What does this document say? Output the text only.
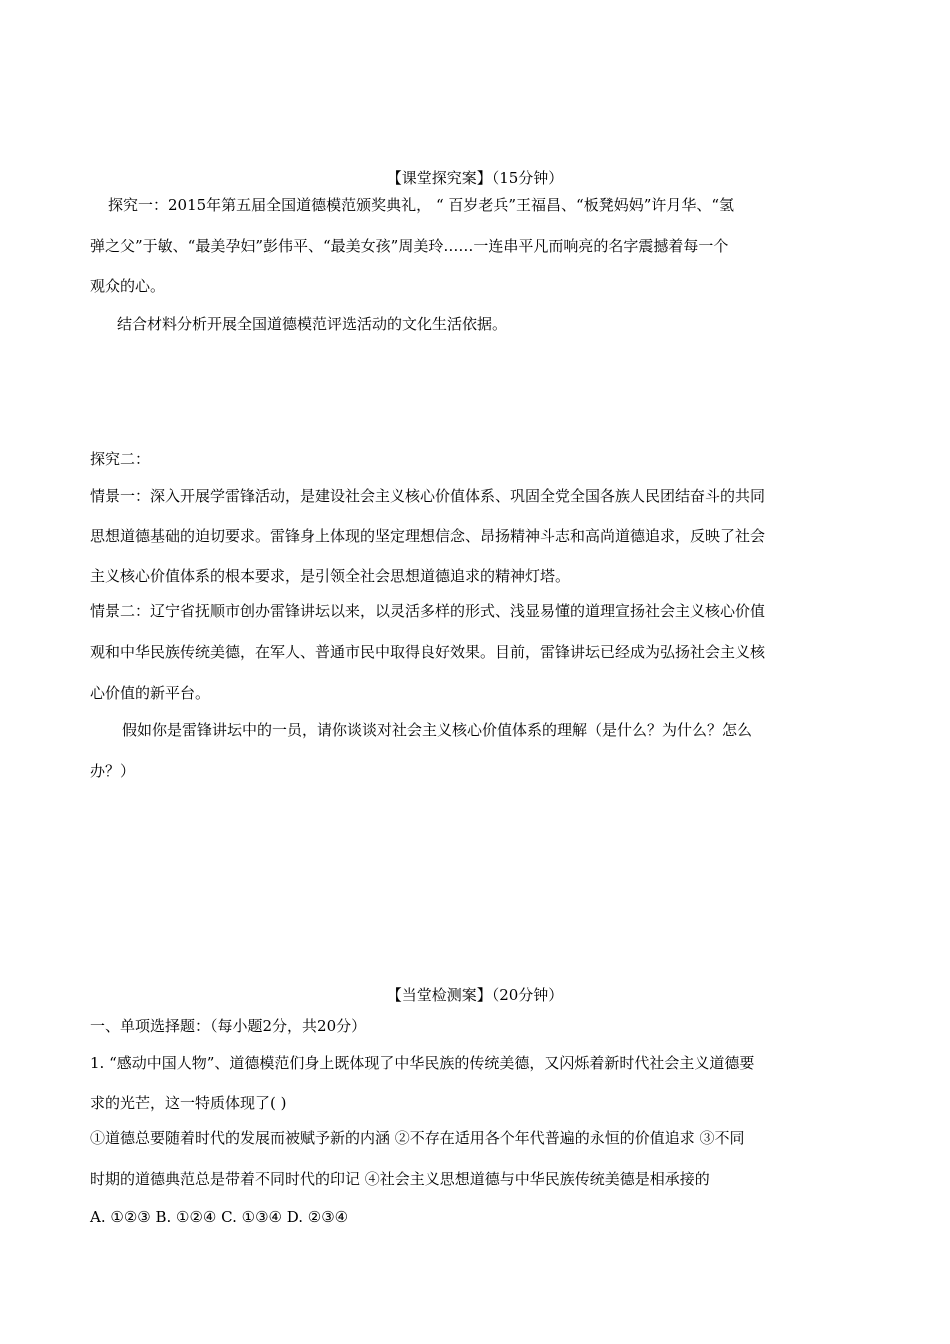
【课堂探究案】（15分钟）
探究一：2015年第五届全国道德模范颁奖典礼， “ 百岁老兵”王福昌、“板凳妈妈”许月华、“氢
弹之父”于敏、“最美孕妇”彭伟平、“最美女孩”周美玲……一连串平凡而响亮的名字震撼着每一个
观众的心。
结合材料分析开展全国道德模范评选活动的文化生活依据。
探究二：
情景一：深入开展学雷锋活动，是建设社会主义核心价值体系、巩固全党全国各族人民团结奋斗的共同
思想道德基础的迫切要求。雷锋身上体现的坚定理想信念、昂扬精神斗志和高尚道德追求，反映了社会
主义核心价值体系的根本要求，是引领全社会思想道德追求的精神灯塔。
情景二：辽宁省抚顺市创办雷锋讲坛以来，以灵活多样的形式、浅显易懂的道理宣扬社会主义核心价值
观和中华民族传统美德，在军人、普通市民中取得良好效果。目前，雷锋讲坛已经成为弘扬社会主义核
心价值的新平台。
假如你是雷锋讲坛中的一员，请你谈谈对社会主义核心价值体系的理解（是什么？为什么？怎么
办？）
【当堂检测案】（20分钟）
一、单项选择题：（每小题2分，共20分）
1. “感动中国人物”、道德模范们身上既体现了中华民族的传统美德，又闪烁着新时代社会主义道德要
求的光芒，这一特质体现了( )
①道德总要随着时代的发展而被赋予新的内涵 ②不存在适用各个年代普遍的永恒的价值追求 ③不同
时期的道德典范总是带着不同时代的印记 ④社会主义思想道德与中华民族传统美德是相承接的
A. ①②③ B. ①②④ C. ①③④ D. ②③④
